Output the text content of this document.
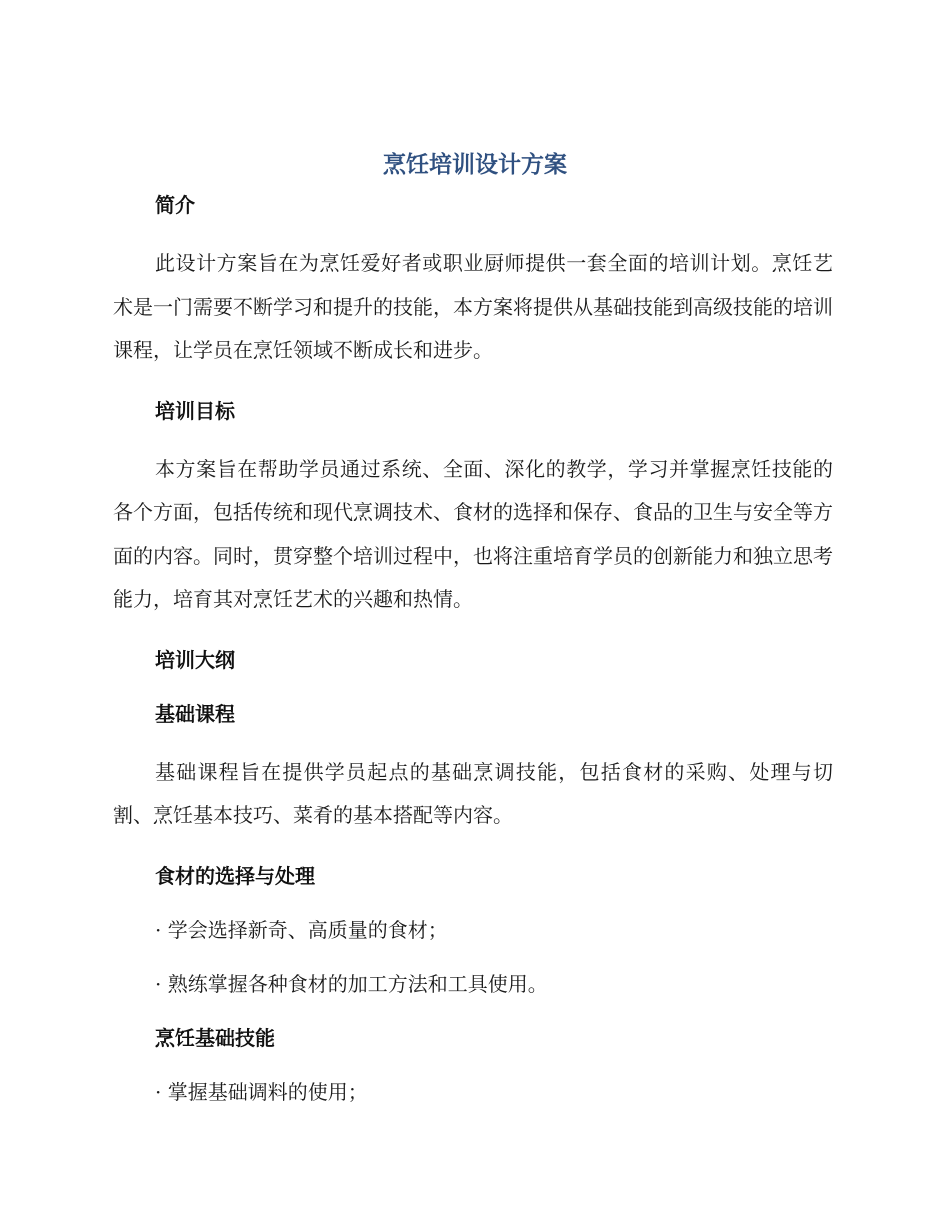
烹饪培训设计方案

简介

此设计方案旨在为烹饪爱好者或职业厨师提供一套全面的培训计划。烹饪艺术是一门需要不断学习和提升的技能，本方案将提供从基础技能到高级技能的培训课程，让学员在烹饪领域不断成长和进步。

培训目标

本方案旨在帮助学员通过系统、全面、深化的教学，学习并掌握烹饪技能的各个方面，包括传统和现代烹调技术、食材的选择和保存、食品的卫生与安全等方面的内容。同时，贯穿整个培训过程中，也将注重培育学员的创新能力和独立思考能力，培育其对烹饪艺术的兴趣和热情。

培训大纲

基础课程

基础课程旨在提供学员起点的基础烹调技能，包括食材的采购、处理与切割、烹饪基本技巧、菜肴的基本搭配等内容。

食材的选择与处理

· 学会选择新奇、高质量的食材；

· 熟练掌握各种食材的加工方法和工具使用。

烹饪基础技能

· 掌握基础调料的使用；
